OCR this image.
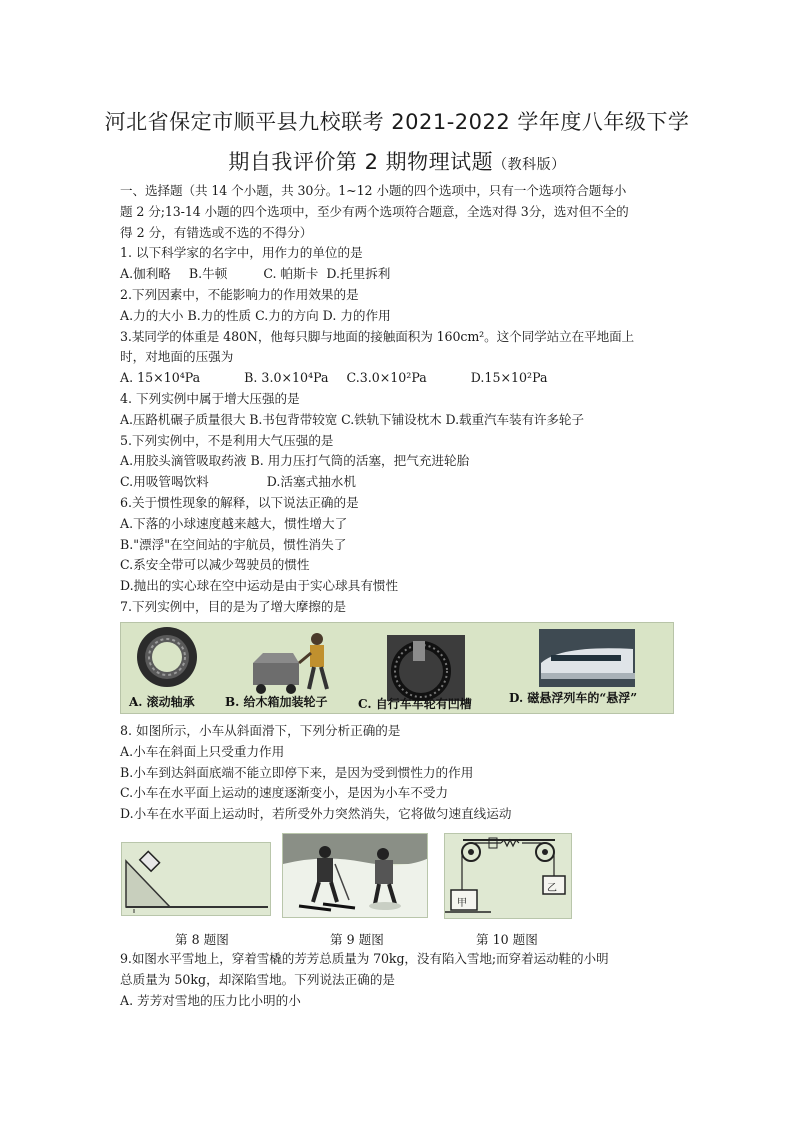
河北省保定市顺平县九校联考 2021-2022 学年度八年级下学
期自我评价第 2 期物理试题（教科版）
一、选择题（共 14 个小题，共 30分。1~12 小题的四个选项中，只有一个选项符合题每小
题 2 分;13-14 小题的四个选项中，至少有两个选项符合题意，全选对得 3分，选对但不全的
得 2 分，有错选或不选的不得分）
1. 以下科学家的名字中，用作力的单位的是
A.伽利略 B.牛顿	C. 帕斯卡 D.托里拆利
2.下列因素中，不能影响力的作用效果的是
A.力的大小 B.力的性质 C.力的方向 D. 力的作用
3.某同学的体重是 480N，他每只脚与地面的接触面积为 160cm²。这个同学站立在平地面上
时，对地面的压强为
A. 15×10⁴Pa	B. 3.0×10⁴Pa C.3.0×10²Pa	D.15×10²Pa
4. 下列实例中属于增大压强的是
A.压路机碾子质量很大 B.书包背带较宽 C.铁轨下铺设枕木 D.载重汽车装有许多轮子
5.下列实例中，不是利用大气压强的是
A.用胶头滴管吸取药液 B. 用力压打气筒的活塞，把气充进轮胎
C.用吸管喝饮料	D.活塞式抽水机
6.关于惯性现象的解释，以下说法正确的是
A.下落的小球速度越来越大，惯性增大了
B."漂浮"在空间站的宇航员，惯性消失了
C.系安全带可以减少驾驶员的惯性
D.抛出的实心球在空中运动是由于实心球具有惯性
7.下列实例中，目的是为了增大摩擦的是
A. 滚动轴承	B. 给木箱加装轮子	C. 自行车车轮有凹槽	D. 磁悬浮列车的“悬浮”
8. 如图所示，小车从斜面滑下，下列分析正确的是
A.小车在斜面上只受重力作用
B.小车到达斜面底端不能立即停下来，是因为受到惯性力的作用
C.小车在水平面上运动的速度逐渐变小，是因为小车不受力
D.小车在水平面上运动时，若所受外力突然消失，它将做匀速直线运动
甲
乙
第 8 题图	第 9 题图	第 10 题图
9.如图水平雪地上，穿着雪橇的芳芳总质量为 70kg，没有陷入雪地;而穿着运动鞋的小明
总质量为 50kg，却深陷雪地。下列说法正确的是
A. 芳芳对雪地的压力比小明的小
